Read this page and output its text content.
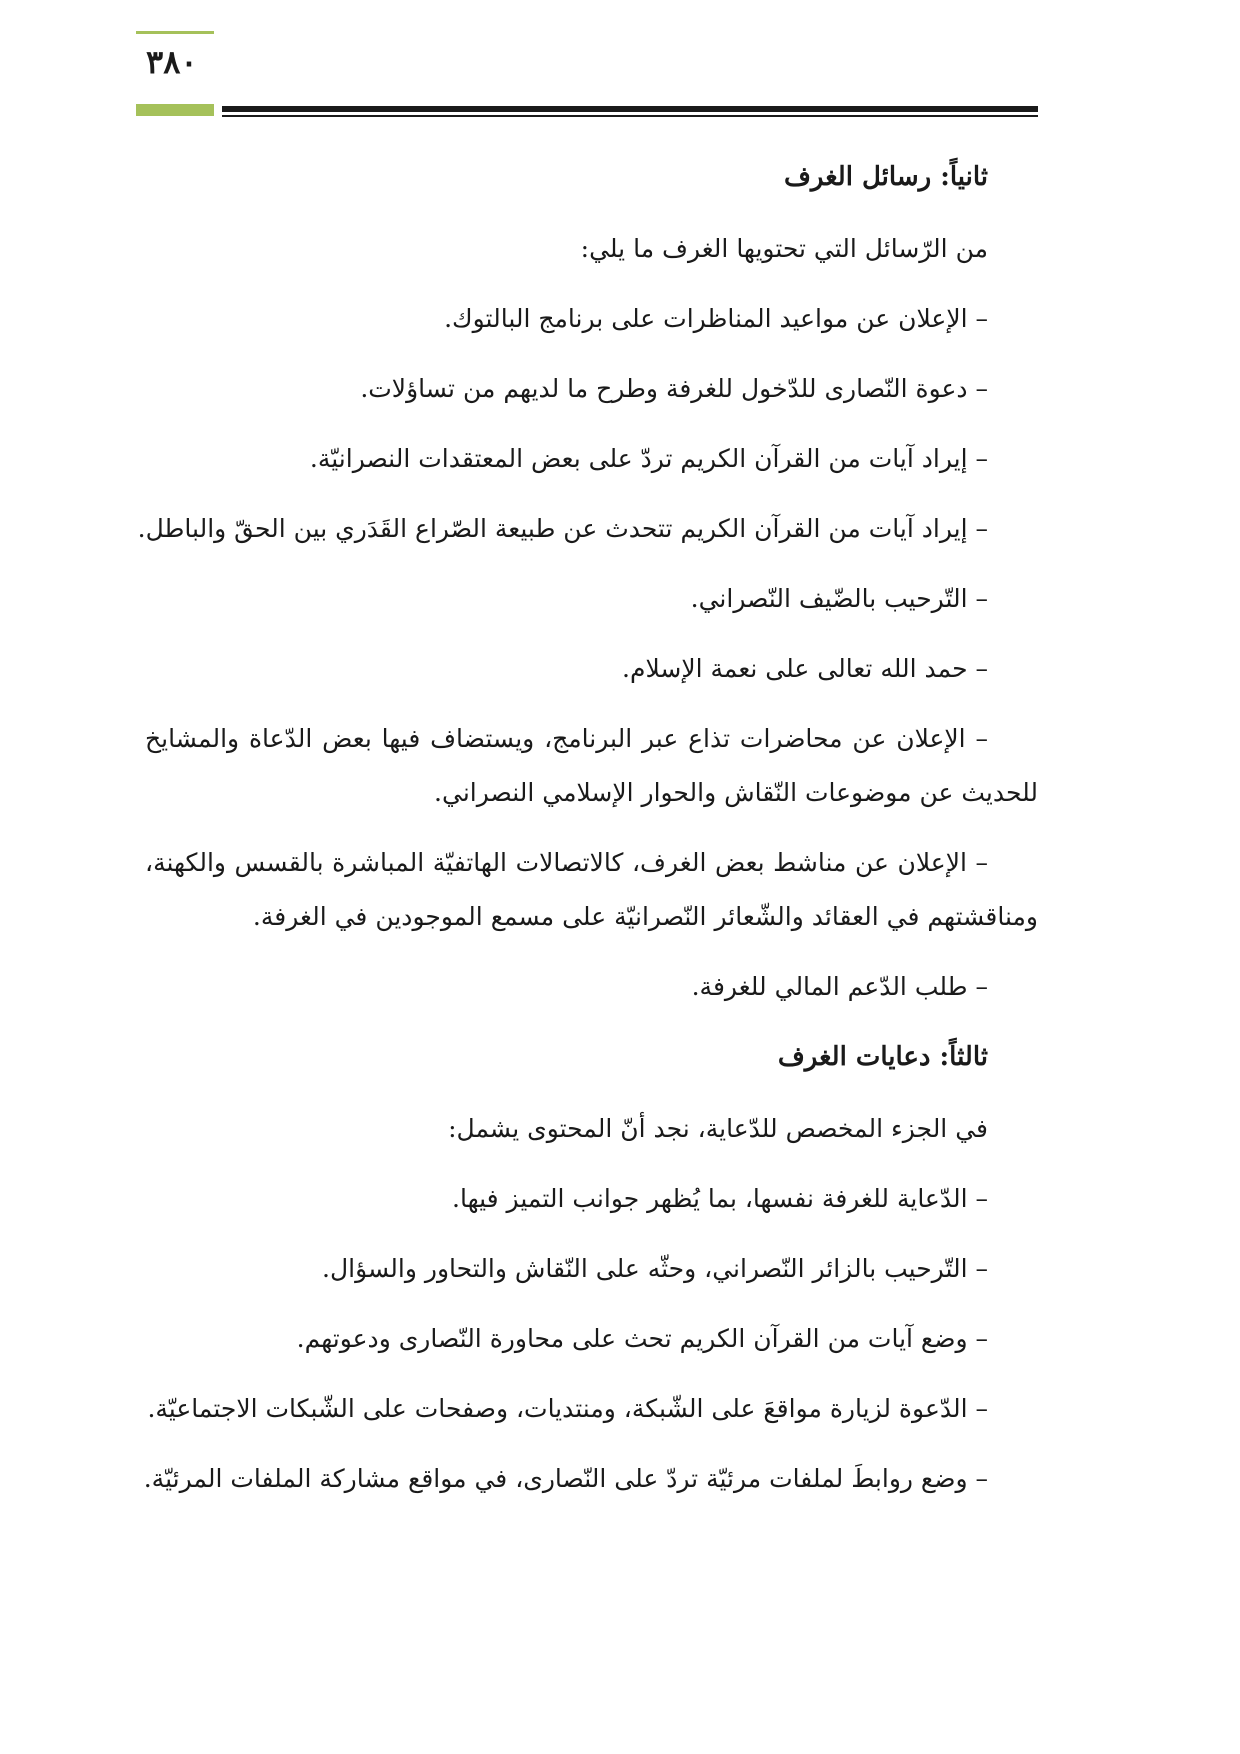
٣٨٠
ثانياً: رسائل الغرف
من الرّسائل التي تحتويها الغرف ما يلي:
– الإعلان عن مواعيد المناظرات على برنامج البالتوك.
– دعوة النّصارى للدّخول للغرفة وطرح ما لديهم من تساؤلات.
– إيراد آيات من القرآن الكريم تردّ على بعض المعتقدات النصرانيّة.
– إيراد آيات من القرآن الكريم تتحدث عن طبيعة الصّراع القَدَري بين الحقّ والباطل.
– التّرحيب بالضّيف النّصراني.
– حمد الله تعالى على نعمة الإسلام.

– الإعلان عن محاضرات تذاع عبر البرنامج، ويستضاف فيها بعض الدّعاة والمشايخ للحديث عن موضوعات النّقاش والحوار الإسلامي النصراني.

– الإعلان عن مناشط بعض الغرف، كالاتصالات الهاتفيّة المباشرة بالقسس والكهنة، ومناقشتهم في العقائد والشّعائر النّصرانيّة على مسمع الموجودين في الغرفة.

– طلب الدّعم المالي للغرفة.
ثالثاً: دعايات الغرف
في الجزء المخصص للدّعاية، نجد أنّ المحتوى يشمل:
– الدّعاية للغرفة نفسها، بما يُظهر جوانب التميز فيها.
– التّرحيب بالزائر النّصراني، وحثّه على النّقاش والتحاور والسؤال.
– وضع آيات من القرآن الكريم تحث على محاورة النّصارى ودعوتهم.

– الدّعوة لزيارة مواقعَ على الشّبكة، ومنتديات، وصفحات على الشّبكات الاجتماعيّة.

– وضع روابطَ لملفات مرئيّة تردّ على النّصارى، في مواقع مشاركة الملفات المرئيّة.
